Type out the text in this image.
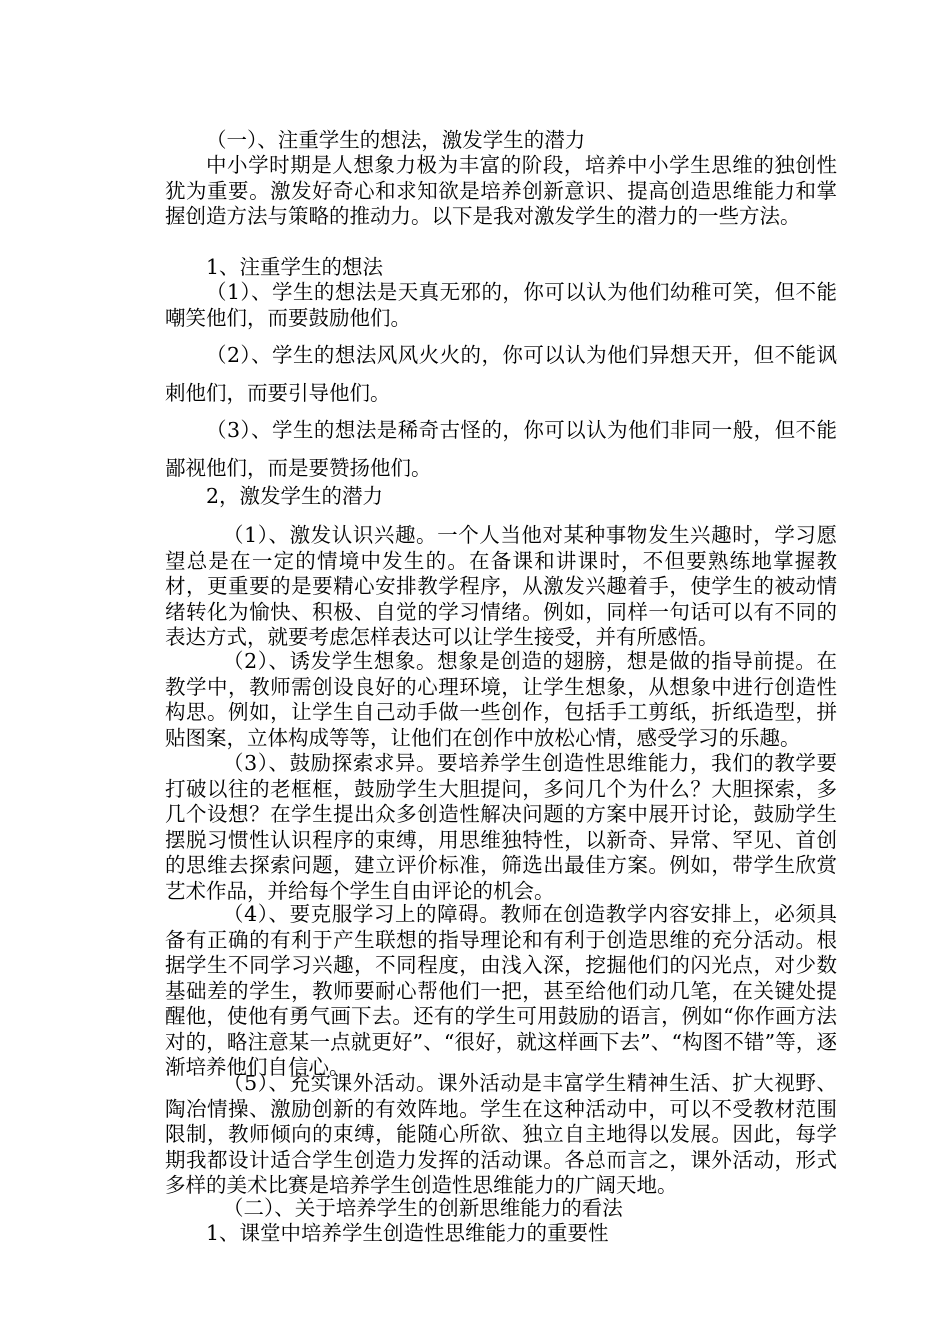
（一）、注重学生的想法，激发学生的潜力

中小学时期是人想象力极为丰富的阶段，培养中小学生思维的独创性犹为重要。激发好奇心和求知欲是培养创新意识、提高创造思维能力和掌握创造方法与策略的推动力。以下是我对激发学生的潜力的一些方法。

1、注重学生的想法

（1）、学生的想法是天真无邪的，你可以认为他们幼稚可笑，但不能嘲笑他们，而要鼓励他们。

（2）、学生的想法风风火火的，你可以认为他们异想天开，但不能讽刺他们，而要引导他们。

（3）、学生的想法是稀奇古怪的，你可以认为他们非同一般，但不能鄙视他们，而是要赞扬他们。

2，激发学生的潜力

（1）、激发认识兴趣。一个人当他对某种事物发生兴趣时，学习愿望总是在一定的情境中发生的。在备课和讲课时，不但要熟练地掌握教材，更重要的是要精心安排教学程序，从激发兴趣着手，使学生的被动情绪转化为愉快、积极、自觉的学习情绪。例如，同样一句话可以有不同的表达方式，就要考虑怎样表达可以让学生接受，并有所感悟。

（2）、诱发学生想象。想象是创造的翅膀，想是做的指导前提。在教学中，教师需创设良好的心理环境，让学生想象，从想象中进行创造性构思。例如，让学生自己动手做一些创作，包括手工剪纸，折纸造型，拼贴图案，立体构成等等，让他们在创作中放松心情，感受学习的乐趣。

（3）、鼓励探索求异。要培养学生创造性思维能力，我们的教学要打破以往的老框框，鼓励学生大胆提问，多问几个为什么？大胆探索，多几个设想？在学生提出众多创造性解决问题的方案中展开讨论，鼓励学生摆脱习惯性认识程序的束缚，用思维独特性，以新奇、异常、罕见、首创的思维去探索问题，建立评价标准，筛选出最佳方案。例如，带学生欣赏艺术作品，并给每个学生自由评论的机会。

（4）、要克服学习上的障碍。教师在创造教学内容安排上，必须具备有正确的有利于产生联想的指导理论和有利于创造思维的充分活动。根据学生不同学习兴趣，不同程度，由浅入深，挖掘他们的闪光点，对少数基础差的学生，教师要耐心帮他们一把，甚至给他们动几笔，在关键处提醒他，使他有勇气画下去。还有的学生可用鼓励的语言，例如“你作画方法对的，略注意某一点就更好”、“很好，就这样画下去”、“构图不错”等，逐渐培养他们自信心。

（5）、充实课外活动。课外活动是丰富学生精神生活、扩大视野、陶冶情操、激励创新的有效阵地。学生在这种活动中，可以不受教材范围限制，教师倾向的束缚，能随心所欲、独立自主地得以发展。因此，每学期我都设计适合学生创造力发挥的活动课。各总而言之，课外活动，形式多样的美术比赛是培养学生创造性思维能力的广阔天地。

（二）、关于培养学生的创新思维能力的看法

1、课堂中培养学生创造性思维能力的重要性
